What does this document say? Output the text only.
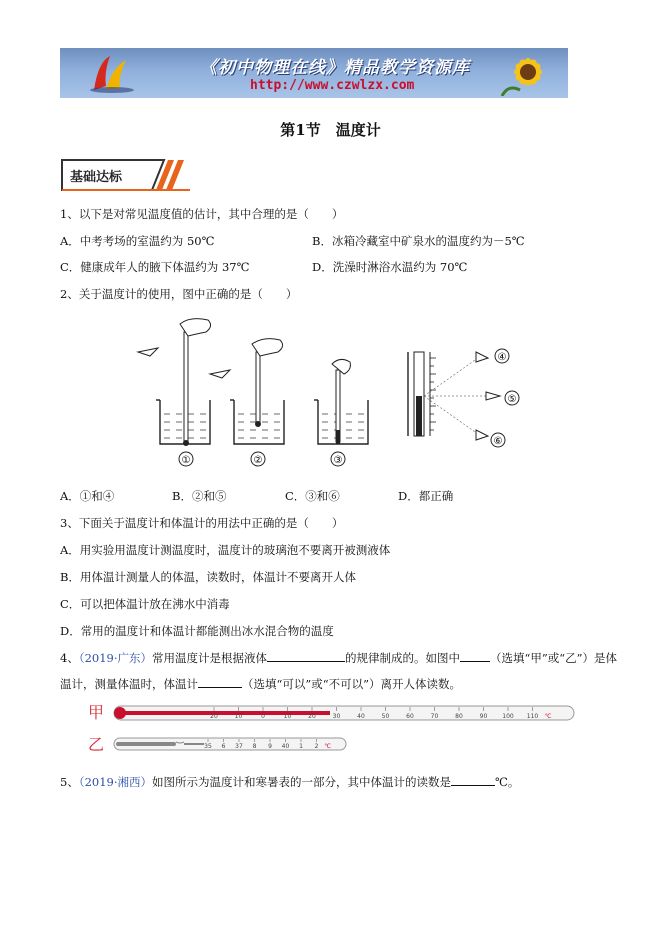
《初中物理在线》精品教学资源库
http://www.czwlzx.com
第1节　温度计
基础达标
1、以下是对常见温度值的估计，其中合理的是（　　）
A．中考考场的室温约为 50℃	B．冰箱冷藏室中矿泉水的温度约为－5℃
C．健康成年人的腋下体温约为 37℃	D．洗澡时淋浴水温约为 70℃
2、关于温度计的使用，图中正确的是（　　）
①	②	③
④
⑤
⑥
A．①和④	B．②和⑤	C．③和⑥	D．都正确
3、下面关于温度计和体温计的用法中正确的是（　　）
A．用实验用温度计测温度时，温度计的玻璃泡不要离开被测液体
B．用体温计测量人的体温，读数时，体温计不要离开人体
C．可以把体温计放在沸水中消毒
D．常用的温度计和体温计都能测出冰水混合物的温度
4、（2019·广东）常用温度计是根据液体	的规律制成的。如图中	（选填“甲”或“乙”）是体
温计，测量体温时，体温计	（选填“可以”或“不可以”）离开人体读数。
甲	20	10	0	10	20	30	40	50	60	70	80	90 100 110 ℃
乙	35 6 37 8 9 40 1 2 ℃
5、（2019·湘西）如图所示为温度计和寒暑表的一部分，其中体温计的读数是	℃。
